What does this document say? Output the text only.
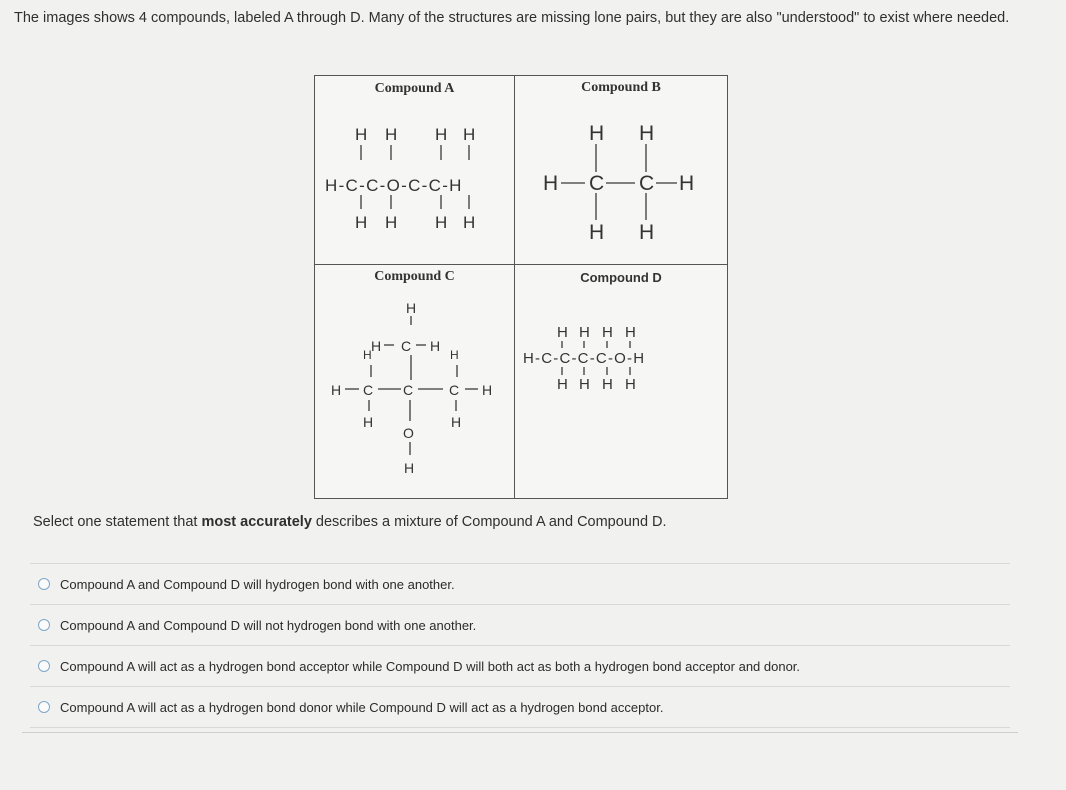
The images shows 4 compounds, labeled A through D. Many of the structures are missing lone pairs, but they are also "understood" to exist where needed.
Compound A
H H H H
H-C-C-O-C-C-H
H H H H
Compound B
H H
H C C H
H H
Compound C
H
H
H C H
H
H C C	C H
H	H
O
H
Compound D
H H H H
H-C-C-C-C-O-H
H H H H
Select one statement that most accurately describes a mixture of Compound A and Compound D.
Compound A and Compound D will hydrogen bond with one another.
Compound A and Compound D will not hydrogen bond with one another.
Compound A will act as a hydrogen bond acceptor while Compound D will both act as both a hydrogen bond acceptor and donor.
Compound A will act as a hydrogen bond donor while Compound D will act as a hydrogen bond acceptor.
